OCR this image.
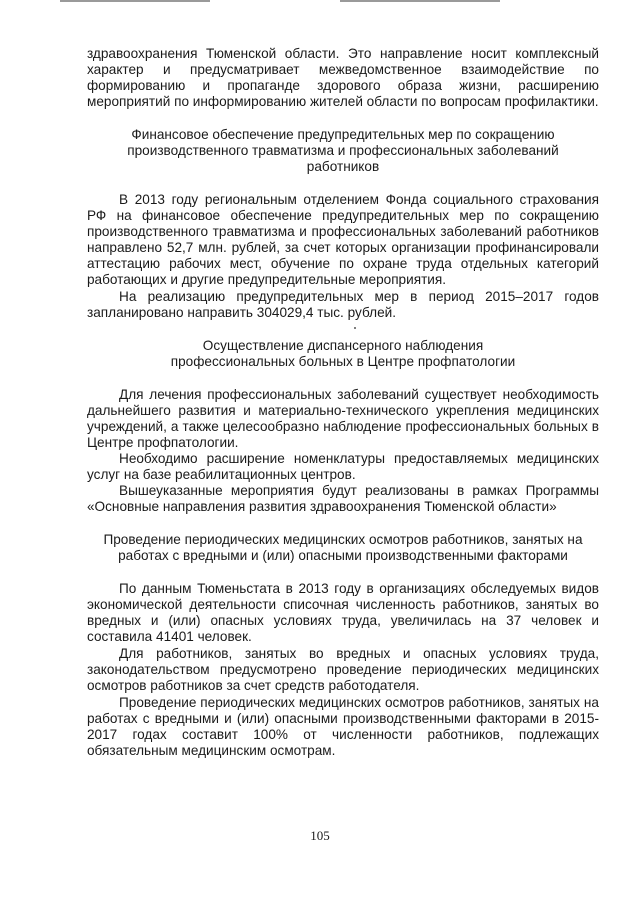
здравоохранения Тюменской области. Это направление носит комплексный характер и предусматривает межведомственное взаимодействие по формированию и пропаганде здорового образа жизни, расширению мероприятий по информированию жителей области по вопросам профилактики.

Финансовое обеспечение предупредительных мер по сокращению
производственного травматизма и профессиональных заболеваний
работников

В 2013 году региональным отделением Фонда социального страхования РФ на финансовое обеспечение предупредительных мер по сокращению производственного травматизма и профессиональных заболеваний работников направлено 52,7 млн. рублей, за счет которых организации профинансировали аттестацию рабочих мест, обучение по охране труда отдельных категорий работающих и другие предупредительные мероприятия.

На реализацию предупредительных мер в период 2015–2017 годов запланировано направить 304029,4 тыс. рублей.

Осуществление диспансерного наблюдения
профессиональных больных в Центре профпатологии

Для лечения профессиональных заболеваний существует необходимость дальнейшего развития и материально-технического укрепления медицинских учреждений, а также целесообразно наблюдение профессиональных больных в Центре профпатологии.

Необходимо расширение номенклатуры предоставляемых медицинских услуг на базе реабилитационных центров.

Вышеуказанные мероприятия будут реализованы в рамках Программы «Основные направления развития здравоохранения Тюменской области»

Проведение периодических медицинских осмотров работников, занятых на
работах с вредными и (или) опасными производственными факторами

По данным Тюменьстата в 2013 году в организациях обследуемых видов экономической деятельности списочная численность работников, занятых во вредных и (или) опасных условиях труда, увеличилась на 37 человек и составила 41401 человек.

Для работников, занятых во вредных и опасных условиях труда, законодательством предусмотрено проведение периодических медицинских осмотров работников за счет средств работодателя.

Проведение периодических медицинских осмотров работников, занятых на работах с вредными и (или) опасными производственными факторами в 2015-2017 годах составит 100% от численности работников, подлежащих обязательным медицинским осмотрам.

105
